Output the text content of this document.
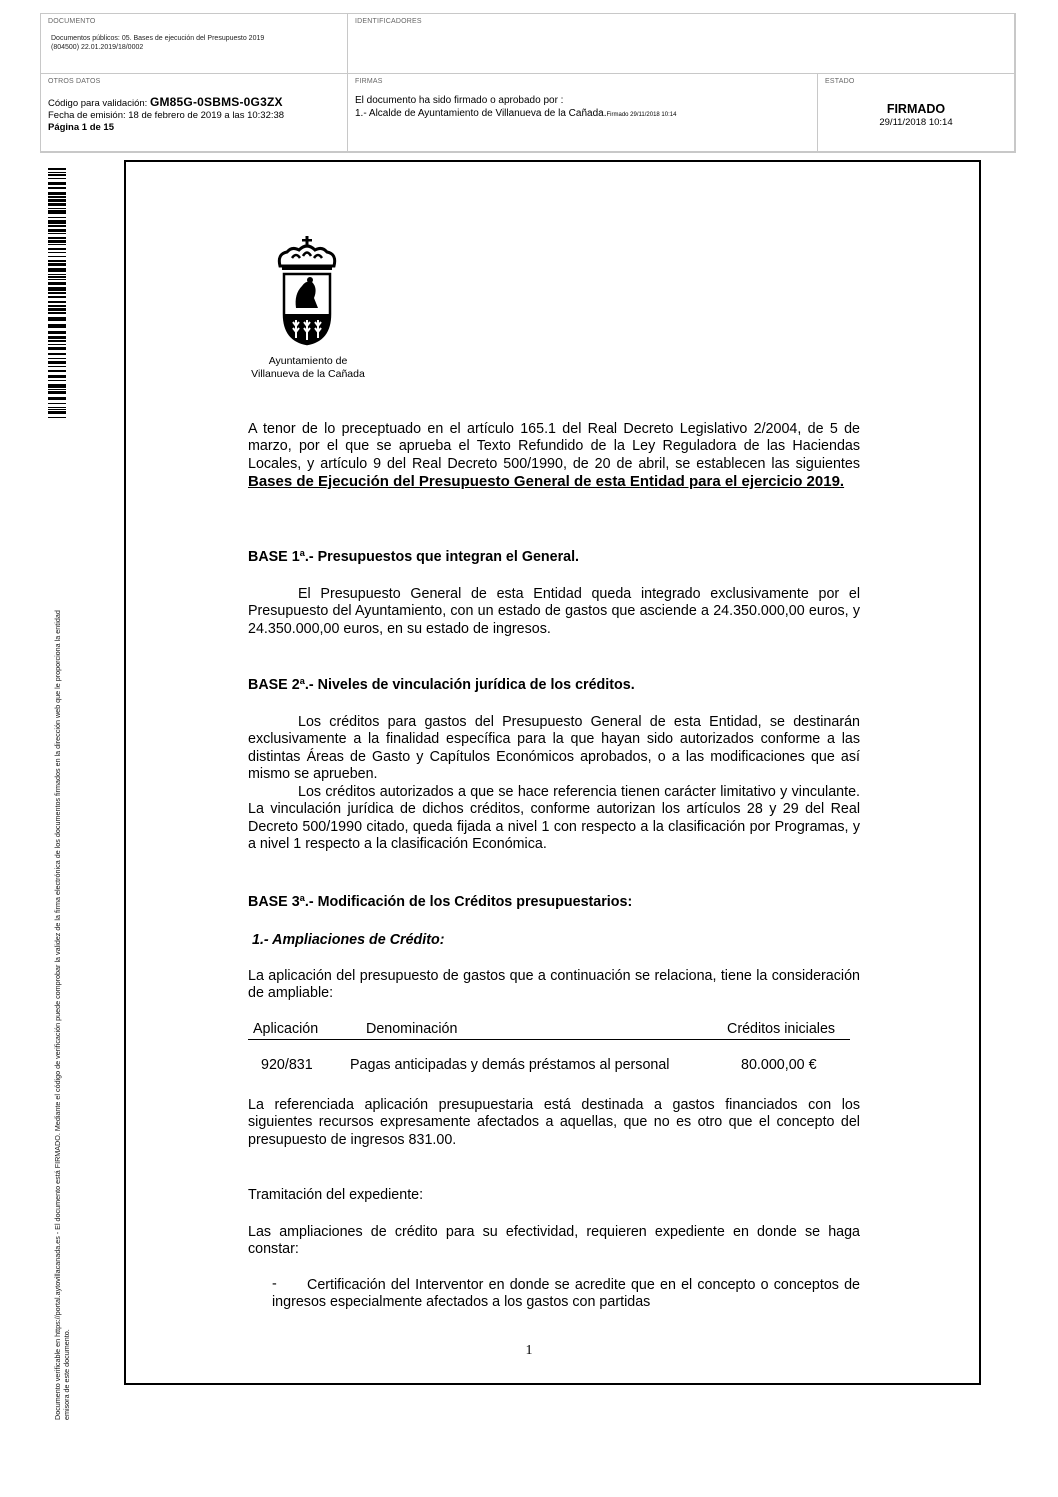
DOCUMENTO
Documentos públicos: 05. Bases de ejecución del Presupuesto 2019 (804500) 22.01.2019/18/0002
IDENTIFICADORES
OTROS DATOS
Código para validación: GM85G-0SBMS-0G3ZX
Fecha de emisión: 18 de febrero de 2019 a las 10:32:38
Página 1 de 15
FIRMAS
El documento ha sido firmado o aprobado por :
1.- Alcalde de Ayuntamiento de Villanueva de la Cañada.Firmado 29/11/2018 10:14
ESTADO
FIRMADO
29/11/2018 10:14
Documento verificable en https://portal.aytovillacanada.es - El documento está FIRMADO. Mediante el código de verificación puede comprobar la validez de la firma electrónica de los documentos firmados en la dirección web que le proporciona la entidad emisora de este documento.
Ayuntamiento de
Villanueva de la Cañada

A tenor de lo preceptuado en el artículo 165.1 del Real Decreto Legislativo 2/2004, de 5 de marzo, por el que se aprueba el Texto Refundido de la Ley Reguladora de las Haciendas Locales, y artículo 9 del Real Decreto 500/1990, de 20 de abril, se establecen las siguientes Bases de Ejecución del Presupuesto General de esta Entidad para el ejercicio 2019.

BASE 1ª.- Presupuestos que integran el General.
El Presupuesto General de esta Entidad queda integrado exclusivamente por el Presupuesto del Ayuntamiento, con un estado de gastos que asciende a 24.350.000,00 euros, y 24.350.000,00 euros, en su estado de ingresos.
BASE 2ª.- Niveles de vinculación jurídica de los créditos.
Los créditos para gastos del Presupuesto General de esta Entidad, se destinarán exclusivamente a la finalidad específica para la que hayan sido autorizados conforme a las distintas Áreas de Gasto y Capítulos Económicos aprobados, o a las modificaciones que así mismo se aprueben.
Los créditos autorizados a que se hace referencia tienen carácter limitativo y vinculante. La vinculación jurídica de dichos créditos, conforme autorizan los artículos 28 y 29 del Real Decreto 500/1990 citado, queda fijada a nivel 1 con respecto a la clasificación por Programas, y a nivel 1 respecto a la clasificación Económica.
BASE 3ª.- Modificación de los Créditos presupuestarios:
1.- Ampliaciones de Crédito:
La aplicación del presupuesto de gastos que a continuación se relaciona, tiene la consideración de ampliable:
Aplicación	Denominación	Créditos iniciales
920/831	Pagas anticipadas y demás préstamos al personal	80.000,00 €
La referenciada aplicación presupuestaria está destinada a gastos financiados con los siguientes recursos expresamente afectados a aquellas, que no es otro que el concepto del presupuesto de ingresos 831.00.
Tramitación del expediente:
Las ampliaciones de crédito para su efectividad, requieren expediente en donde se haga constar:
-	Certificación del Interventor en donde se acredite que en el concepto o conceptos de ingresos especialmente afectados a los gastos con partidas
1
